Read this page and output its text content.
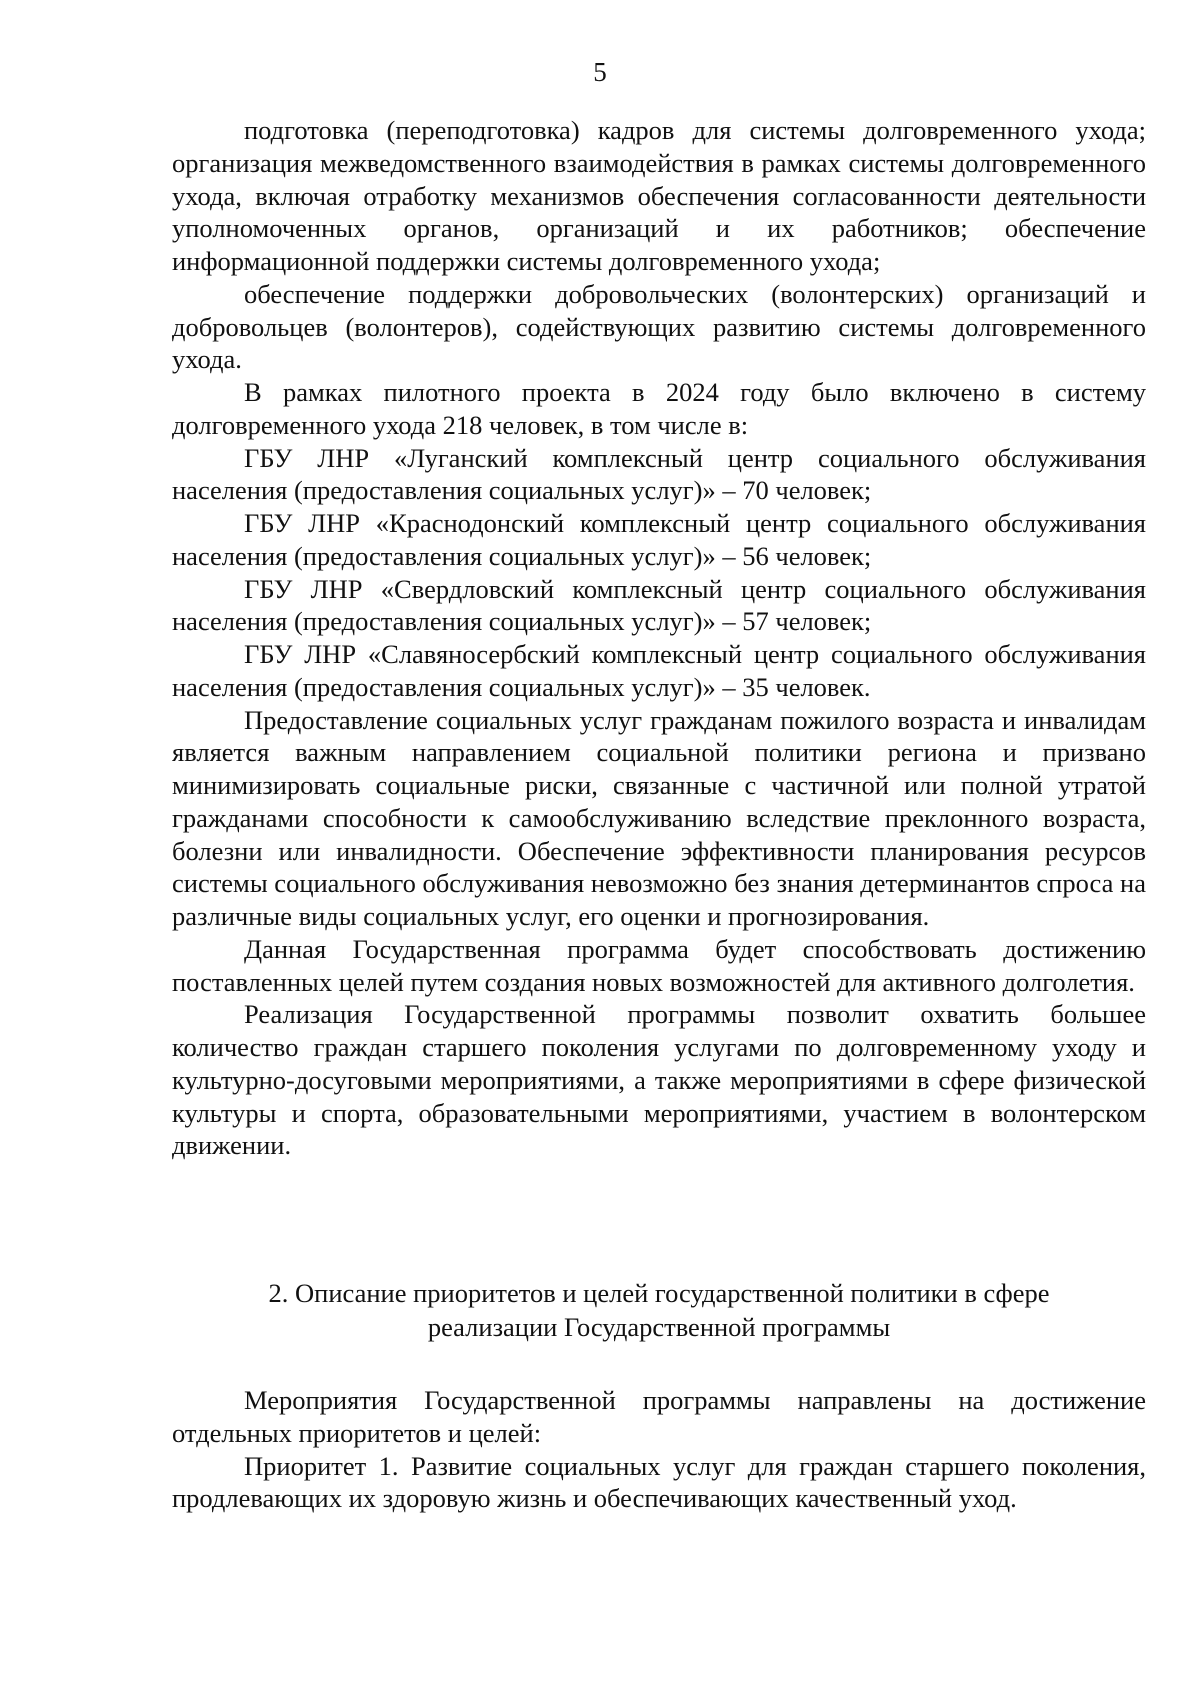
5

подготовка (переподготовка) кадров для системы долговременного ухода; организация межведомственного взаимодействия в рамках системы долговременного ухода, включая отработку механизмов обеспечения согласованности деятельности уполномоченных органов, организаций и их работников; обеспечение информационной поддержки системы долговременного ухода;

обеспечение поддержки добровольческих (волонтерских) организаций и добровольцев (волонтеров), содействующих развитию системы долговременного ухода.

В рамках пилотного проекта в 2024 году было включено в систему долговременного ухода 218 человек, в том числе в:

ГБУ ЛНР «Луганский комплексный центр социального обслуживания населения (предоставления социальных услуг)» – 70 человек;

ГБУ ЛНР «Краснодонский комплексный центр социального обслуживания населения (предоставления социальных услуг)» – 56 человек;

ГБУ ЛНР «Свердловский комплексный центр социального обслуживания населения (предоставления социальных услуг)» – 57 человек;

ГБУ ЛНР «Славяносербский комплексный центр социального обслуживания населения (предоставления социальных услуг)» – 35 человек.

Предоставление социальных услуг гражданам пожилого возраста и инвалидам является важным направлением социальной политики региона и призвано минимизировать социальные риски, связанные с частичной или полной утратой гражданами способности к самообслуживанию вследствие преклонного возраста, болезни или инвалидности. Обеспечение эффективности планирования ресурсов системы социального обслуживания невозможно без знания детерминантов спроса на различные виды социальных услуг, его оценки и прогнозирования.

Данная Государственная программа будет способствовать достижению поставленных целей путем создания новых возможностей для активного долголетия.

Реализация Государственной программы позволит охватить большее количество граждан старшего поколения услугами по долговременному уходу и культурно-досуговыми мероприятиями, а также мероприятиями в сфере физической культуры и спорта, образовательными мероприятиями, участием в волонтерском движении.

2. Описание приоритетов и целей государственной политики в сфере
реализации Государственной программы

Мероприятия Государственной программы направлены на достижение отдельных приоритетов и целей:

Приоритет 1. Развитие социальных услуг для граждан старшего поколения, продлевающих их здоровую жизнь и обеспечивающих качественный уход.
